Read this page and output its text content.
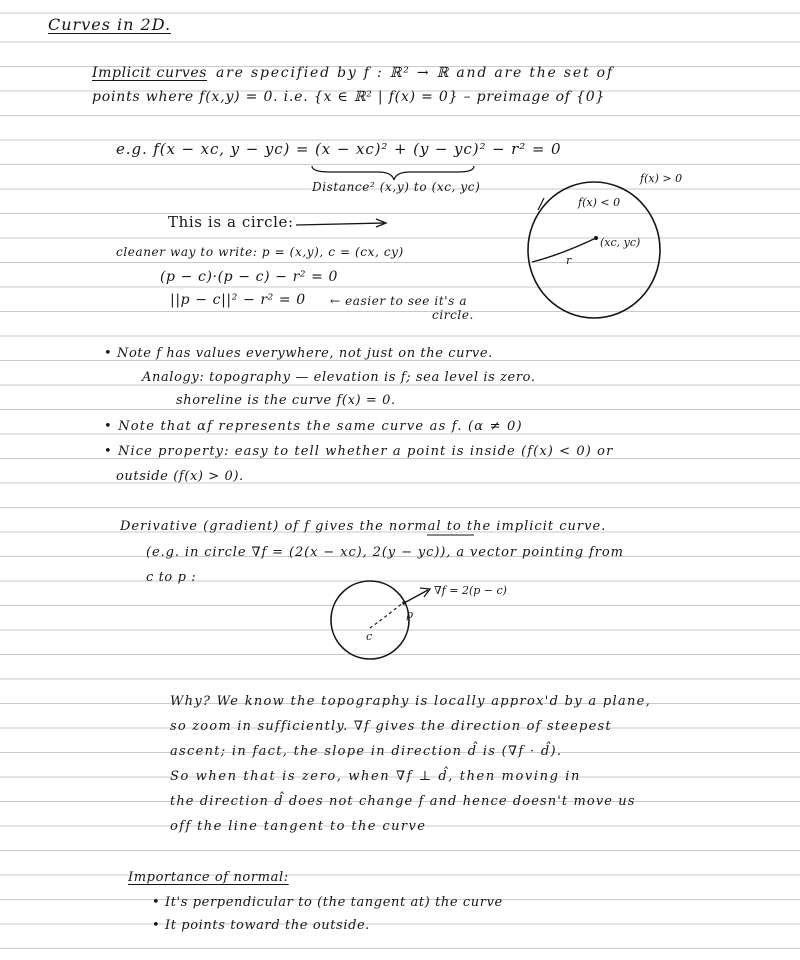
Curves in 2D.
Implicit curves are specified by f : ℝ² → ℝ and are the set of
points where f(x,y) = 0. i.e. {x ∈ ℝ² | f(x) = 0} – preimage of {0}
e.g. f(x − xc, y − yc) = (x − xc)² + (y − yc)² − r² = 0
Distance² (x,y) to (xc, yc)
This is a circle:
cleaner way to write: p = (x,y), c = (cx, cy)
(p − c)·(p − c) − r² = 0
||p − c||² − r² = 0 ← easier to see it's a
circle.
• Note f has values everywhere, not just on the curve.
Analogy: topography — elevation is f; sea level is zero.
shoreline is the curve f(x) = 0.
• Note that αf represents the same curve as f. (α ≠ 0)
• Nice property: easy to tell whether a point is inside (f(x) < 0) or
outside (f(x) > 0).
Derivative (gradient) of f gives the normal to the implicit curve.
(e.g. in circle ∇f = (2(x − xc), 2(y − yc)), a vector pointing from
c to p :
Why? We know the topography is locally approx'd by a plane,
so zoom in sufficiently. ∇f gives the direction of steepest
ascent; in fact, the slope in direction d̂ is (∇f · d̂).
So when that is zero, when ∇f ⊥ d̂, then moving in
the direction d̂ does not change f and hence doesn't move us
off the line tangent to the curve
Importance of normal:
• It's perpendicular to (the tangent at) the curve
• It points toward the outside.
f(x) > 0
f(x) < 0
(xc, yc)
r
∇f = 2(p − c)
c
p
